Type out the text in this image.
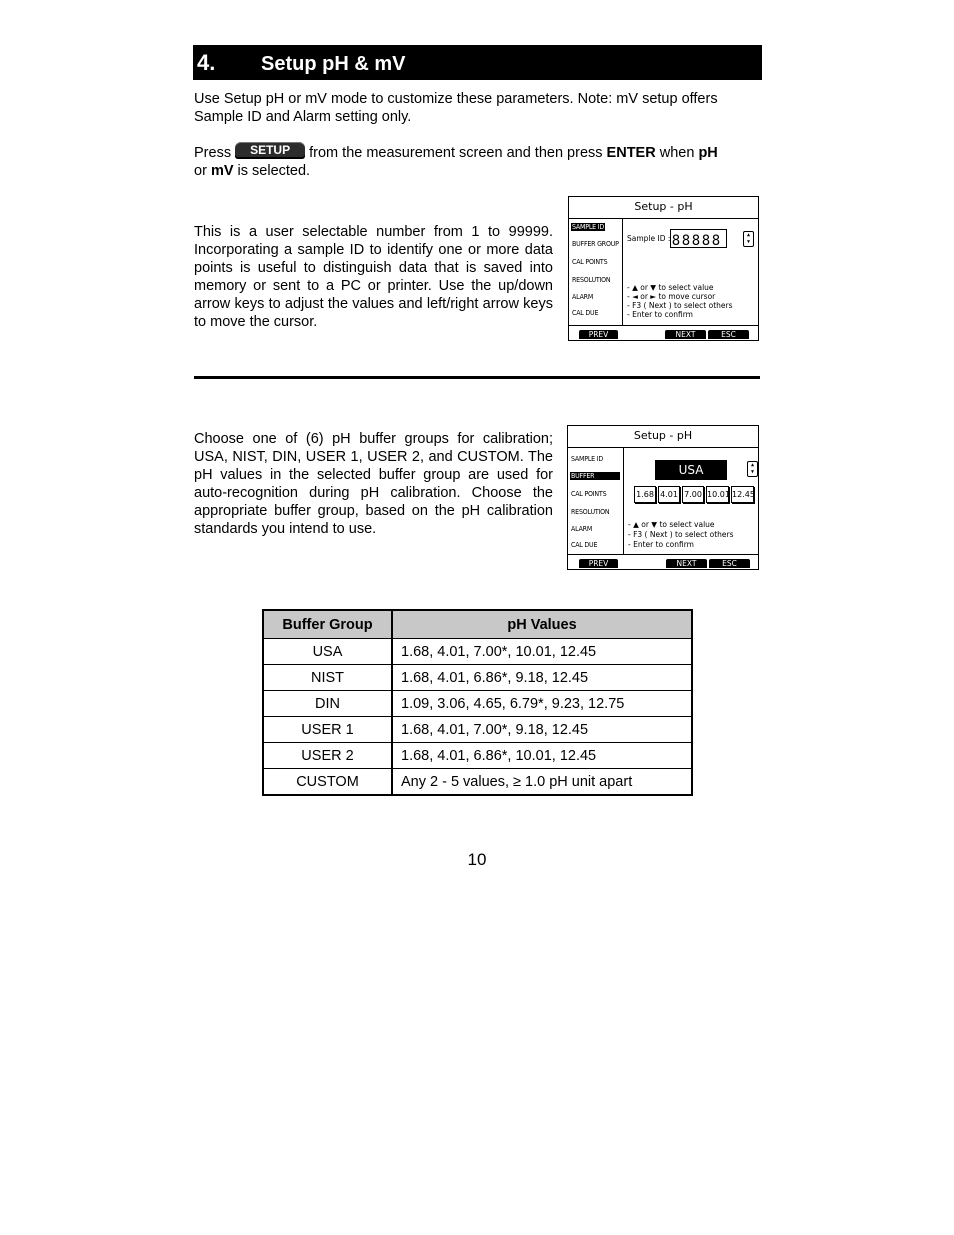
4. Setup pH & mV
Use Setup pH or mV mode to customize these parameters. Note: mV setup offers Sample ID and Alarm setting only.
Press SETUP from the measurement screen and then press ENTER when pH
or mV is selected.
This is a user selectable number from 1 to 99999. Incorporating a sample ID to identify one or more data points is useful to distinguish data that is saved into memory or sent to a PC or printer. Use the up/down arrow keys to adjust the values and left/right arrow keys to move the cursor.
Setup - pH
SAMPLE ID
BUFFER GROUP
CAL POINTS
RESOLUTION
ALARM
CAL DUE
Sample ID : 8 8 8 8 8	▲
▼
- ▲ or ▼ to select value
- ◄ or ► to move cursor
- F3 ( Next ) to select others
- Enter to confirm
PREV	NEXT	ESC
Choose one of (6) pH buffer groups for calibration; USA, NIST, DIN, USER 1, USER 2, and CUSTOM. The pH values in the selected buffer group are used for auto-recognition during pH calibration. Choose the appropriate buffer group, based on the pH calibration standards you intend to use.
Setup - pH
SAMPLE ID
BUFFER
CAL POINTS
RESOLUTION
ALARM
CAL DUE
USA	▲
▼
1.68 4.01 7.00 10.01 12.45
- ▲ or ▼ to select value
- F3 ( Next ) to select others
- Enter to confirm
PREV	NEXT	ESC
Buffer Group	pH Values
USA	1.68, 4.01, 7.00*, 10.01, 12.45
NIST	1.68, 4.01, 6.86*, 9.18, 12.45
DIN	1.09, 3.06, 4.65, 6.79*, 9.23, 12.75
USER 1	1.68, 4.01, 7.00*, 9.18, 12.45
USER 2	1.68, 4.01, 6.86*, 10.01, 12.45
CUSTOM	Any 2 - 5 values, ≥ 1.0 pH unit apart
10
